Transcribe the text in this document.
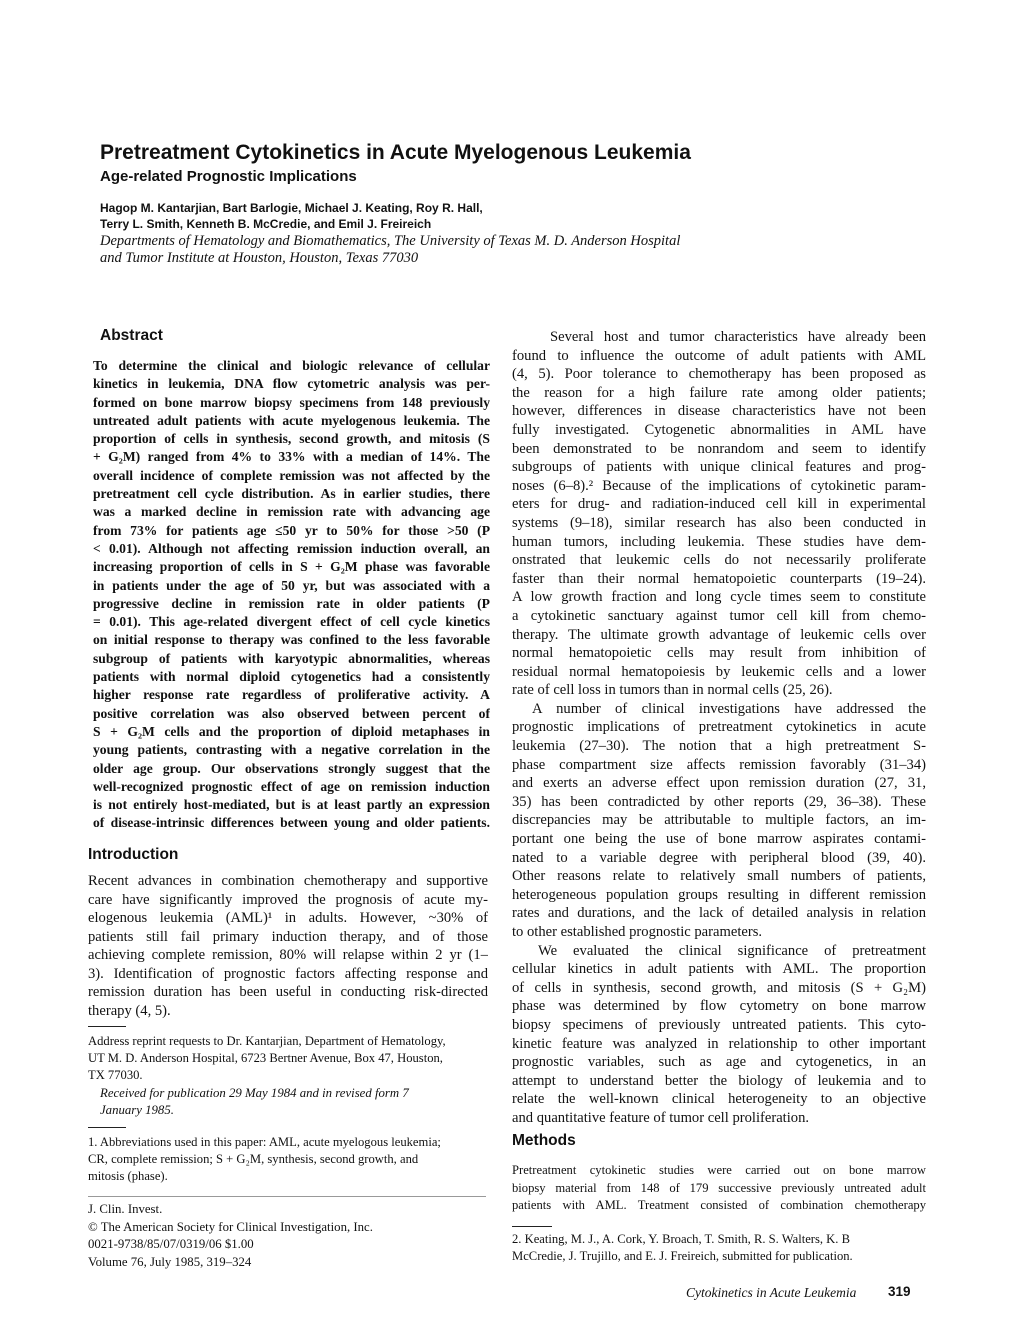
Pretreatment Cytokinetics in Acute Myelogenous Leukemia
Age-related Prognostic Implications
Hagop M. Kantarjian, Bart Barlogie, Michael J. Keating, Roy R. Hall,
Terry L. Smith, Kenneth B. McCredie, and Emil J. Freireich
Departments of Hematology and Biomathematics, The University of Texas M. D. Anderson Hospital
and Tumor Institute at Houston, Houston, Texas 77030
Abstract
To determine the clinical and biologic relevance of cellular
kinetics in leukemia, DNA flow cytometric analysis was per-
formed on bone marrow biopsy specimens from 148 previously
untreated adult patients with acute myelogenous leukemia. The
proportion of cells in synthesis, second growth, and mitosis (S
+ G₂M) ranged from 4% to 33% with a median of 14%. The
overall incidence of complete remission was not affected by the
pretreatment cell cycle distribution. As in earlier studies, there
was a marked decline in remission rate with advancing age
from 73% for patients age ≤50 yr to 50% for those >50 (P
< 0.01). Although not affecting remission induction overall, an
increasing proportion of cells in S + G₂M phase was favorable
in patients under the age of 50 yr, but was associated with a
progressive decline in remission rate in older patients (P
= 0.01). This age-related divergent effect of cell cycle kinetics
on initial response to therapy was confined to the less favorable
subgroup of patients with karyotypic abnormalities, whereas
patients with normal diploid cytogenetics had a consistently
higher response rate regardless of proliferative activity. A
positive correlation was also observed between percent of
S + G₂M cells and the proportion of diploid metaphases in
young patients, contrasting with a negative correlation in the
older age group. Our observations strongly suggest that the
well-recognized prognostic effect of age on remission induction
is not entirely host-mediated, but is at least partly an expression
of disease-intrinsic differences between young and older patients.
Introduction
Recent advances in combination chemotherapy and supportive
care have significantly improved the prognosis of acute my-
elogenous leukemia (AML)¹ in adults. However, ~30% of
patients still fail primary induction therapy, and of those
achieving complete remission, 80% will relapse within 2 yr (1–
3). Identification of prognostic factors affecting response and
remission duration has been useful in conducting risk-directed
therapy (4, 5).
Address reprint requests to Dr. Kantarjian, Department of Hematology,
UT M. D. Anderson Hospital, 6723 Bertner Avenue, Box 47, Houston,
TX 77030.
Received for publication 29 May 1984 and in revised form 7
January 1985.
1. Abbreviations used in this paper: AML, acute myelogous leukemia;
CR, complete remission; S + G₂M, synthesis, second growth, and
mitosis (phase).
J. Clin. Invest.
© The American Society for Clinical Investigation, Inc.
0021-9738/85/07/0319/06 $1.00
Volume 76, July 1985, 319–324
Several host and tumor characteristics have already been
found to influence the outcome of adult patients with AML
(4, 5). Poor tolerance to chemotherapy has been proposed as
the reason for a high failure rate among older patients;
however, differences in disease characteristics have not been
fully investigated. Cytogenetic abnormalities in AML have
been demonstrated to be nonrandom and seem to identify
subgroups of patients with unique clinical features and prog-
noses (6–8).² Because of the implications of cytokinetic param-
eters for drug- and radiation-induced cell kill in experimental
systems (9–18), similar research has also been conducted in
human tumors, including leukemia. These studies have dem-
onstrated that leukemic cells do not necessarily proliferate
faster than their normal hematopoietic counterparts (19–24).
A low growth fraction and long cycle times seem to constitute
a cytokinetic sanctuary against tumor cell kill from chemo-
therapy. The ultimate growth advantage of leukemic cells over
normal hematopoietic cells may result from inhibition of
residual normal hematopoiesis by leukemic cells and a lower
rate of cell loss in tumors than in normal cells (25, 26).
A number of clinical investigations have addressed the
prognostic implications of pretreatment cytokinetics in acute
leukemia (27–30). The notion that a high pretreatment S-
phase compartment size affects remission favorably (31–34)
and exerts an adverse effect upon remission duration (27, 31,
35) has been contradicted by other reports (29, 36–38). These
discrepancies may be attributable to multiple factors, an im-
portant one being the use of bone marrow aspirates contami-
nated to a variable degree with peripheral blood (39, 40).
Other reasons relate to relatively small numbers of patients,
heterogeneous population groups resulting in different remission
rates and durations, and the lack of detailed analysis in relation
to other established prognostic parameters.
We evaluated the clinical significance of pretreatment
cellular kinetics in adult patients with AML. The proportion
of cells in synthesis, second growth, and mitosis (S + G₂M)
phase was determined by flow cytometry on bone marrow
biopsy specimens of previously untreated patients. This cyto-
kinetic feature was analyzed in relationship to other important
prognostic variables, such as age and cytogenetics, in an
attempt to understand better the biology of leukemia and to
relate the well-known clinical heterogeneity to an objective
and quantitative feature of tumor cell proliferation.
Methods
Pretreatment cytokinetic studies were carried out on bone marrow
biopsy material from 148 of 179 successive previously untreated adult
patients with AML. Treatment consisted of combination chemotherapy
2. Keating, M. J., A. Cork, Y. Broach, T. Smith, R. S. Walters, K. B
McCredie, J. Trujillo, and E. J. Freireich, submitted for publication.
Cytokinetics in Acute Leukemia 319
